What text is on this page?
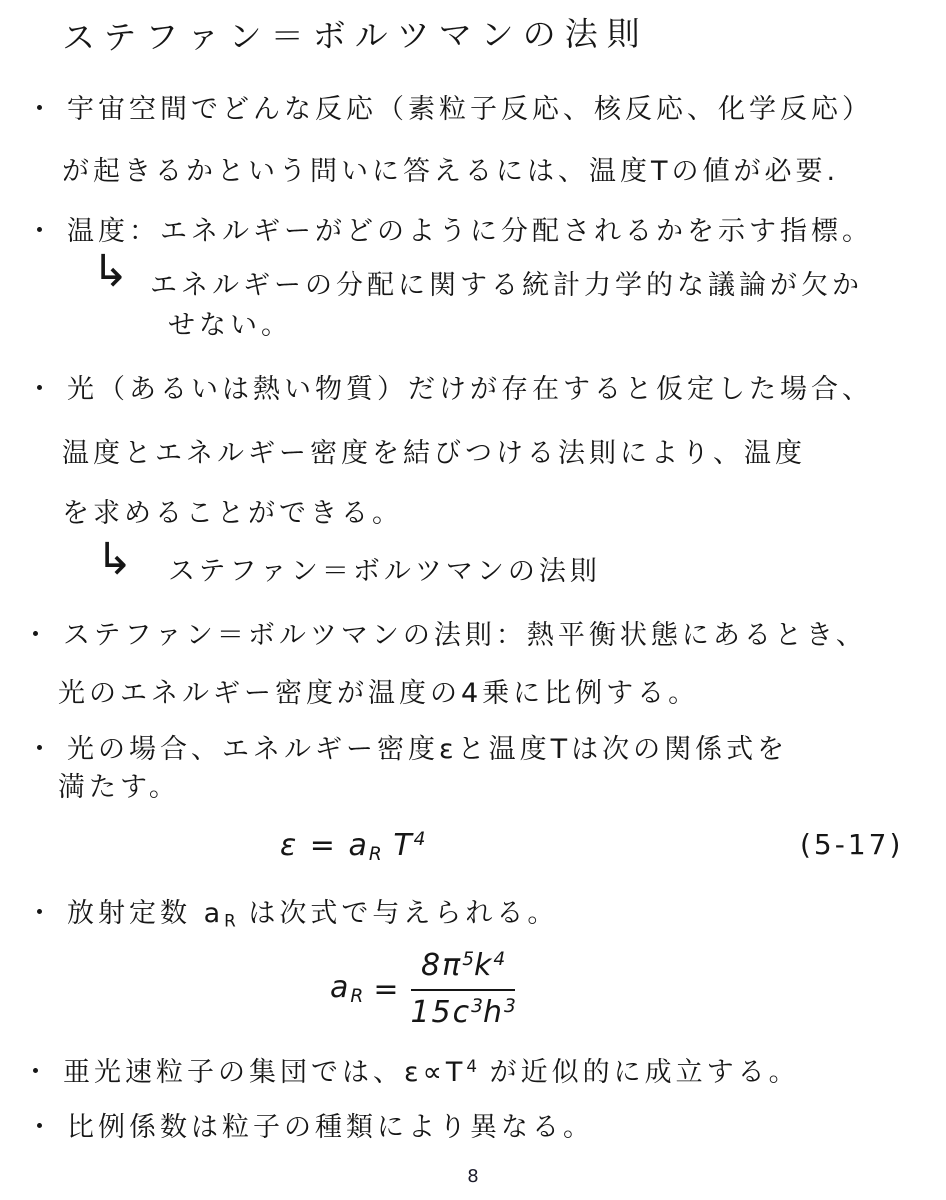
ステファン＝ボルツマンの法則
・ 宇宙空間でどんな反応（素粒子反応、核反応、化学反応）
が起きるかという問いに答えるには、温度Tの値が必要.
・ 温度：エネルギーがどのように分配されるかを示す指標。
↳ エネルギーの分配に関する統計力学的な議論が欠か
せない。
・ 光（あるいは熱い物質）だけが存在すると仮定した場合、
温度とエネルギー密度を結びつける法則により、温度
を求めることができる。
↳ ステファン＝ボルツマンの法則
・ ステファン＝ボルツマンの法則：熱平衡状態にあるとき、
光のエネルギー密度が温度の4乗に比例する。
・ 光の場合、エネルギー密度εと温度Tは次の関係式を
満たす。
$\varepsilon = a_R$ $T^4$	(5-17)
・ 放射定数 $a_R$ は次式で与えられる。
$a_R = \frac{8\pi^5k^4}{15c^3h^3}$
・ 亜光速粒子の集団では、$\varepsilon\propto T^4$ が近似的に成立する。
・ 比例係数は粒子の種類により異なる。
8
